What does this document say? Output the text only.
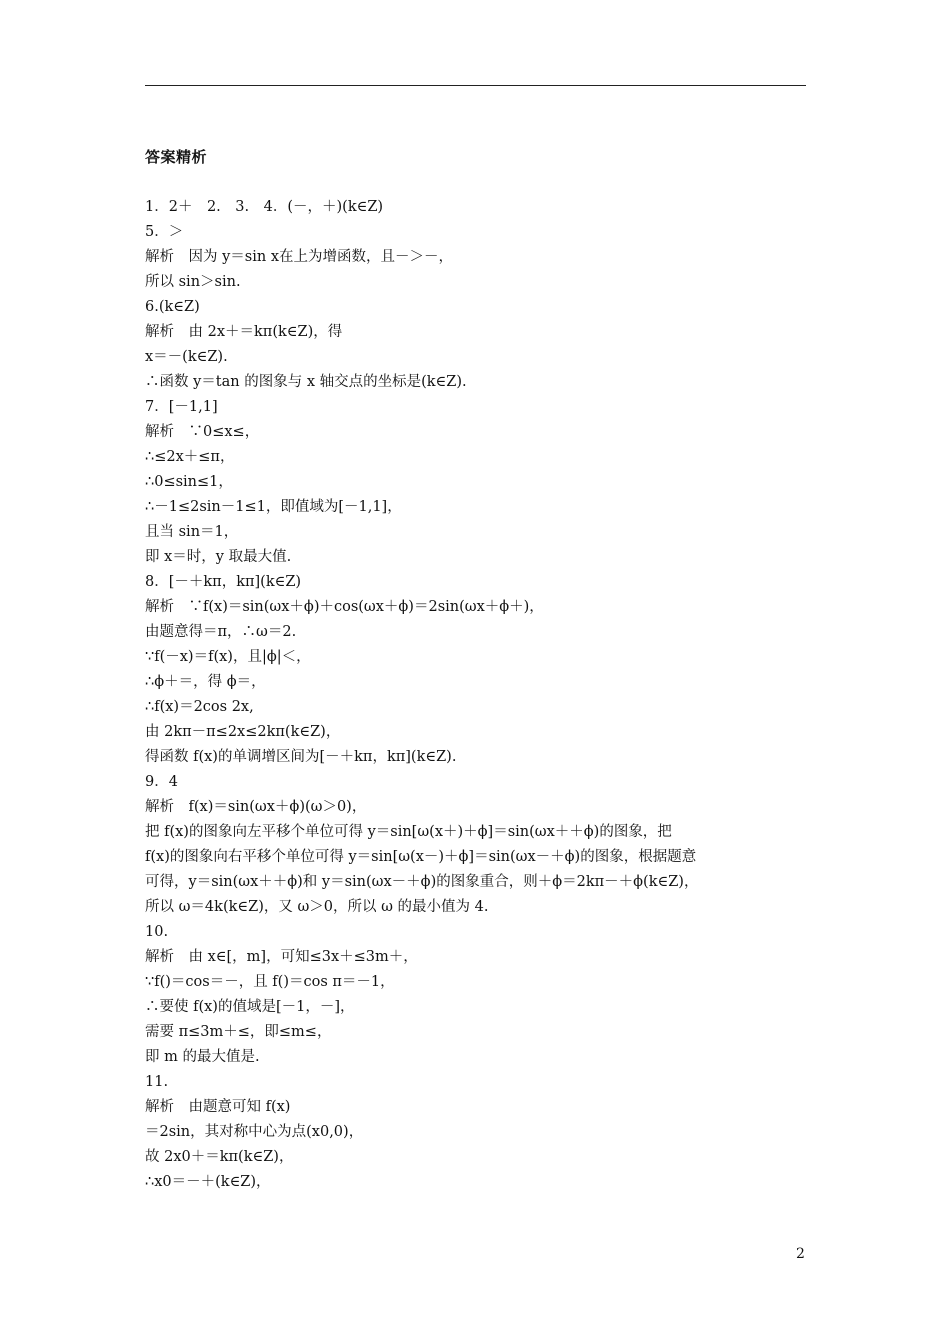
答案精析
1．2＋　2.　3.　4．(－，＋)(k∈Z)
5．＞
解析　因为 y＝sin x在上为增函数，且－＞－，
所以 sin＞sin.
6.(k∈Z)
解析　由 2x＋＝kπ(k∈Z)，得
x＝－(k∈Z).
∴函数 y＝tan 的图象与 x 轴交点的坐标是(k∈Z).
7．[－1,1]
解析　∵0≤x≤，
∴≤2x＋≤π，
∴0≤sin≤1，
∴－1≤2sin－1≤1，即值域为[－1,1]，
且当 sin＝1，
即 x＝时，y 取最大值.
8．[－＋kπ，kπ](k∈Z)
解析　∵f(x)＝sin(ωx＋ϕ)＋cos(ωx＋ϕ)＝2sin(ωx＋ϕ＋)，
由题意得＝π，∴ω＝2.
∵f(－x)＝f(x)，且|ϕ|＜，
∴ϕ＋＝，得 ϕ＝，
∴f(x)＝2cos 2x,
由 2kπ－π≤2x≤2kπ(k∈Z)，
得函数 f(x)的单调增区间为[－＋kπ，kπ](k∈Z).
9．4
解析　f(x)＝sin(ωx＋ϕ)(ω＞0)，
把 f(x)的图象向左平移个单位可得 y＝sin[ω(x＋)＋ϕ]＝sin(ωx＋＋ϕ)的图象，把
f(x)的图象向右平移个单位可得 y＝sin[ω(x－)＋ϕ]＝sin(ωx－＋ϕ)的图象，根据题意
可得，y＝sin(ωx＋＋ϕ)和 y＝sin(ωx－＋ϕ)的图象重合，则＋ϕ＝2kπ－＋ϕ(k∈Z)，
所以 ω＝4k(k∈Z)，又 ω＞0，所以 ω 的最小值为 4.
10.
解析　由 x∈[，m]，可知≤3x＋≤3m＋，
∵f()＝cos＝－，且 f()＝cos π＝－1，
∴要使 f(x)的值域是[－1，－]，
需要 π≤3m＋≤，即≤m≤，
即 m 的最大值是.
11.
解析　由题意可知 f(x)
＝2sin，其对称中心为点(x0,0)，
故 2x0＋＝kπ(k∈Z)，
∴x0＝－＋(k∈Z)，
2
